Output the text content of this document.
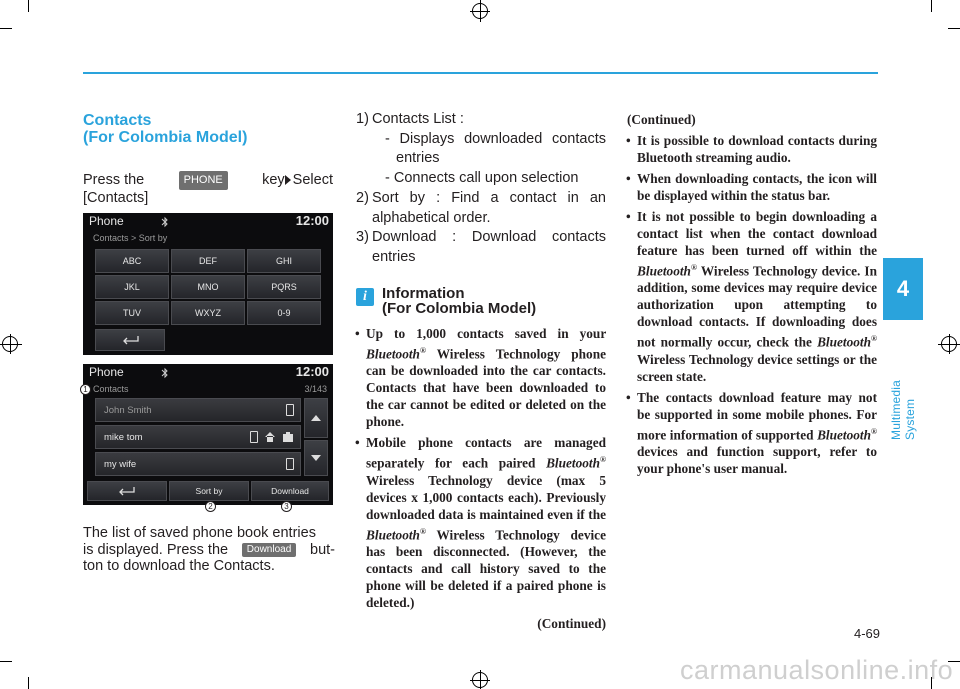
4
Multimedia System
4-69
carmanualsonline.info
Contacts
(For Colombia Model)
Press the	PHONE	key Select
[Contacts]
Phone	12:00
Contacts > Sort by
ABC	DEF	GHI
JKL	MNO	PQRS
TUV	WXYZ	0-9
Phone	12:00
Contacts	3/143
John Smith
mike tom
my wife
Sort by	Download
1
2	3
The list of saved phone book entries
is displayed. Press the	Download	but-
ton to download the Contacts.
1) Contacts List :
- Displays downloaded contacts entries
- Connects call upon selection
2) Sort by : Find a contact in an alphabetical order.
3) Download : Download contacts entries
i	Information
(For Colombia Model)
• Up to 1,000 contacts saved in your Bluetooth® Wireless Technology phone can be downloaded into the car contacts. Contacts that have been downloaded to the car cannot be edited or deleted on the phone.
• Mobile phone contacts are managed separately for each paired Bluetooth® Wireless Technology device (max 5 devices x 1,000 contacts each). Previously downloaded data is maintained even if the Bluetooth® Wireless Technology device has been disconnected. (However, the contacts and call history saved to the phone will be deleted if a paired phone is deleted.)
(Continued)
(Continued)
• It is possible to download contacts during Bluetooth streaming audio.
• When downloading contacts, the icon will be displayed within the status bar.
• It is not possible to begin downloading a contact list when the contact download feature has been turned off within the Bluetooth® Wireless Technology device. In addition, some devices may require device authorization upon attempting to download contacts. If downloading does not normally occur, check the Bluetooth® Wireless Technology device settings or the screen state.
• The contacts download feature may not be supported in some mobile phones. For more information of supported Bluetooth® devices and function support, refer to your phone's user manual.
